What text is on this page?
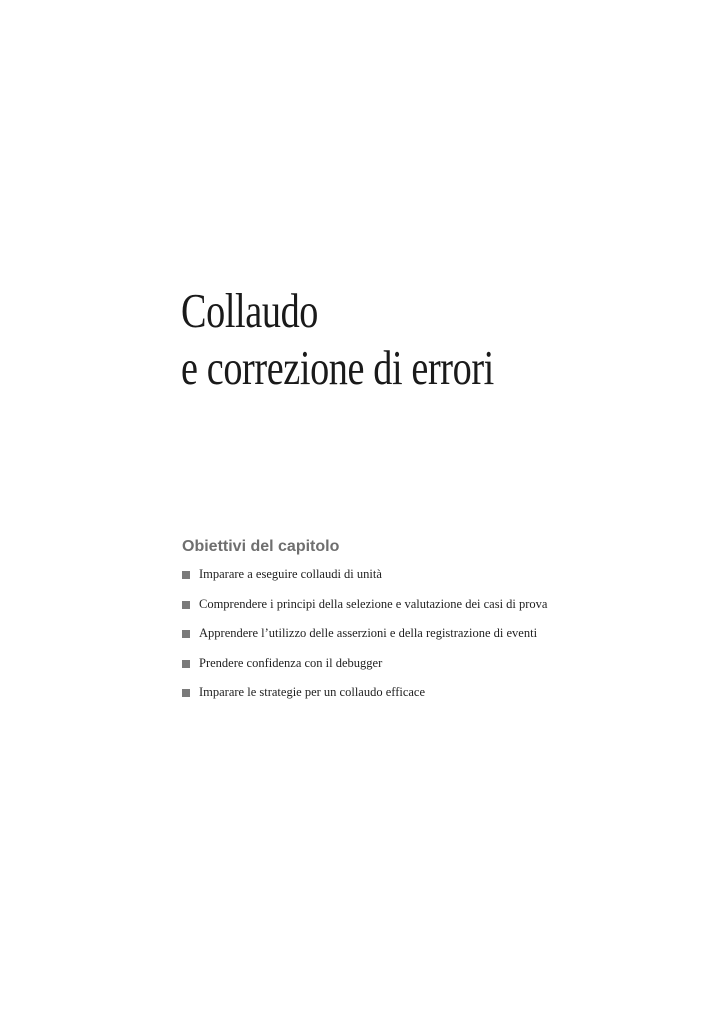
Collaudo
e correzione di errori
Obiettivi del capitolo
Imparare a eseguire collaudi di unità
Comprendere i principi della selezione e valutazione dei casi di prova
Apprendere l’utilizzo delle asserzioni e della registrazione di eventi
Prendere confidenza con il debugger
Imparare le strategie per un collaudo efficace
